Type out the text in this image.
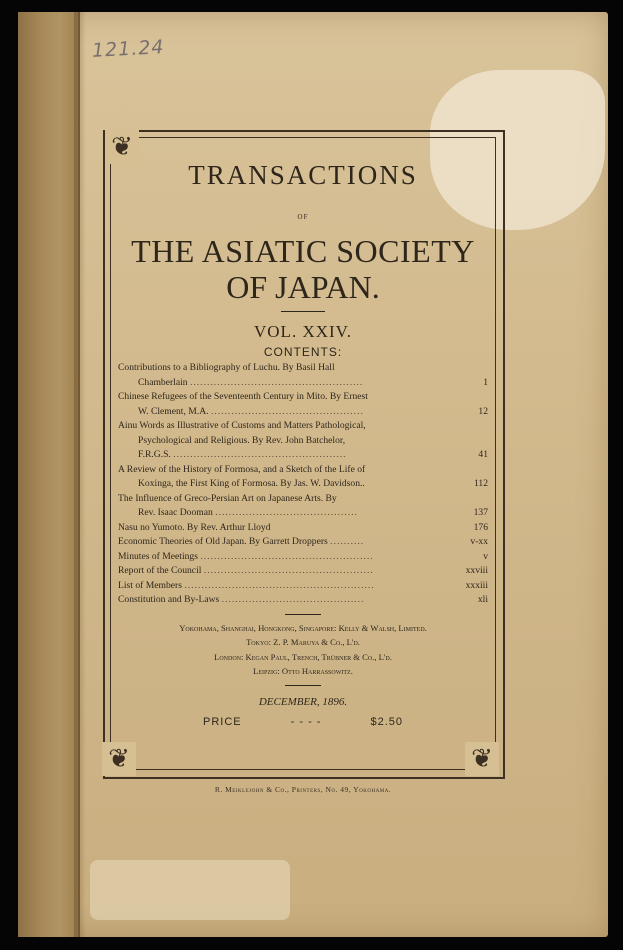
121.24
❦
❦
❦
TRANSACTIONS
OF
THE ASIATIC SOCIETY
OF JAPAN.
VOL. XXIV.
CONTENTS:
Contributions to a Bibliography of Luchu. By Basil Hall
Chamberlain ...................................................	1
Chinese Refugees of the Seventeenth Century in Mito. By Ernest
W. Clement, M.A. .............................................	12
Ainu Words as Illustrative of Customs and Matters Pathological,
Psychological and Religious. By Rev. John Batchelor,
F.R.G.S. ...................................................	41
A Review of the History of Formosa, and a Sketch of the Life of
Koxinga, the First King of Formosa. By Jas. W. Davidson..	112
The Influence of Greco-Persian Art on Japanese Arts. By
Rev. Isaac Dooman ..........................................	137
Nasu no Yumoto. By Rev. Arthur Lloyd	176
Economic Theories of Old Japan. By Garrett Droppers ..........	v-xx
Minutes of Meetings ...................................................	v
Report of the Council ..................................................	xxviii
List of Members ........................................................	xxxiii
Constitution and By-Laws ..........................................	xli
Yokohama, Shanghai, Hongkong, Singapore: Kelly & Walsh, Limited.
Tokyo: Z. P. Maruya & Co., L'd.
London: Kegan Paul, Trench, Trübner & Co., L'd.
Leipzig: Otto Harrassowitz.
DECEMBER, 1896.
PRICE	- - - -	$2.50
R. Meiklejohn & Co., Printers, No. 49, Yokohama.
